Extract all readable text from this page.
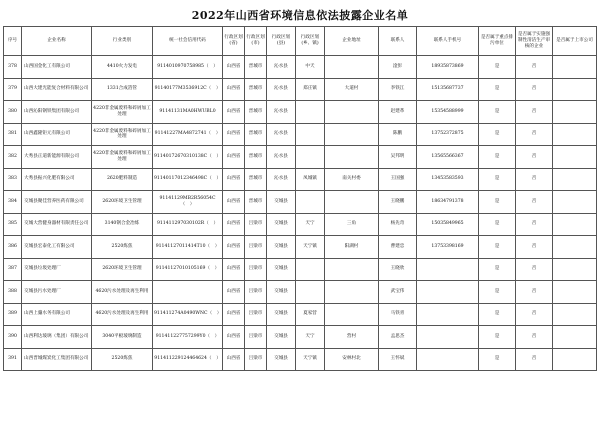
2022年山西省环境信息依法披露企业名单
序号	企业名称	行业类别	统一社会信用代码	行政区划(省)	行政区划(市)	行政区划(县)	行政区划(乡、镇)	企业地址	联系人	联系人手机号	是否属于重点排污单位	是否属于实施强制性清洁生产审核的企业	是否属于上市公司
378	山西国金化工有限公司	4410火力发电	9114010970758985（　）	山西省	晋城市	沁水县	中天		淦彭	18935873869	是	否	
379	山西大建光能复合材料有限公司	1331合成箔管	91140177M3536912C（　）	山西省	晋城市	沁水县	郑庄镇	大道村	李铁江	15135687737	是	否	
380	山西沁阳钢铁集团有限公司	4220非金属废料和碎屑加工处理	91141131MA0HWUBL0	山西省	晋城市	沁水县			赵建革	15354588999	是	否	
381	山西鑫隆钜元有限公司	4220非金属废料和碎屑加工处理	91141227MA4872741（　）	山西省	晋城市	沁水县			陈鹏	13752372875	是	否	
382	大秀县正道新能源有限公司	4220非金属废料和碎屑加工处理	91140172670310138C（　）	山西省	晋城市	沁水县			吴邦明	13565566367	是	否	
383	大秀县振兴化肥有限公司	2620肥料制造	91140117012346498C（　）	山西省	晋城市	沁水县	凤城镇	南关村委	王国强	13453583593	是	否	
384	交城县聚佳营养医药有限公司	2620环境卫生管理	91141129MB2R56054C（　）	山西省	晋城市	交城县			王晓鹏	18634791378	是	否	
385	交城大营健身器材有限责任公司	3140钢合金冶炼	911411297030102R（　）	山西省	吕梁市	交城县	天宁	三角	杨先奇	15035849965	是	否	
386	交城县宏泰化工有限公司	2520炼焦	91141127011414T10（　）	山西省	吕梁市	交城县	天宁镇	阳湖村	曹建忠	13753398169	是	否	
387	交城县垃圾处理厂	2620环境卫生管理	91141127010105169（　）	山西省	吕梁市	交城县			王晓欣		是	否	
388	交城县污水处理厂	4620污水处理及再生利用		山西省	吕梁市	交城县			武宝伟		是	否	
389	山西上骧水务有限公司	4620污水处理及再生利用	911411274A0490WNC（　）	山西省	吕梁市	交城县	夏家营		马铁青		是	否	
390	山西利达玻璃（集团）有限公司	3040平板玻璃制造	911411227757299Y0（　）	山西省	吕梁市	交城县	天宁	营村	孟思杰		是	否	
391	山西晋城煤炭化工集团有限公司	2520炼焦	911411229124464624（　）	山西省	吕梁市	交城县	天宁镇	安林村北	王怀斌		是	否	
